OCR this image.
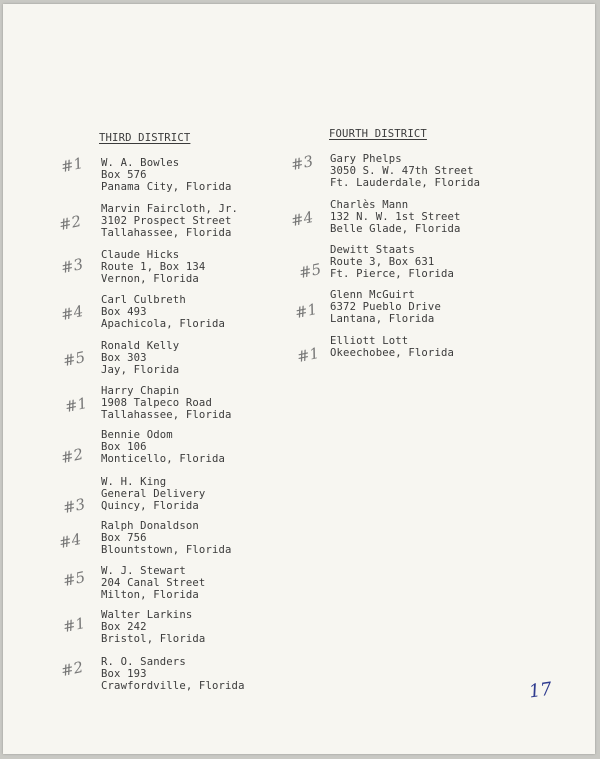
THIRD DISTRICT
#1 W. A. Bowles
Box 576
Panama City, Florida
#2
Marvin Faircloth, Jr.
3102 Prospect Street
Tallahassee, Florida
#3 Claude Hicks
Route 1, Box 134
Vernon, Florida
#4
Carl Culbreth
Box 493
Apachicola, Florida
#5
Ronald Kelly
Box 303
Jay, Florida
#1
Harry Chapin
1908 Talpeco Road
Tallahassee, Florida
#2
Bennie Odom
Box 106
Monticello, Florida
#3
W. H. King
General Delivery
Quincy, Florida
#4
Ralph Donaldson
Box 756
Blountstown, Florida
#5 W. J. Stewart
204 Canal Street
Milton, Florida
#1 Walter Larkins
Box 242
Bristol, Florida
#2 R. O. Sanders
Box 193
Crawfordville, Florida
FOURTH DISTRICT
#3 Gary Phelps
3050 S. W. 47th Street
Ft. Lauderdale, Florida
#4
Charlès Mann
132 N. W. 1st Street
Belle Glade, Florida
#5
Dewitt Staats
Route 3, Box 631
Ft. Pierce, Florida
#1
Glenn McGuirt
6372 Pueblo Drive
Lantana, Florida
#1
Elliott Lott
Okeechobee, Florida
17
